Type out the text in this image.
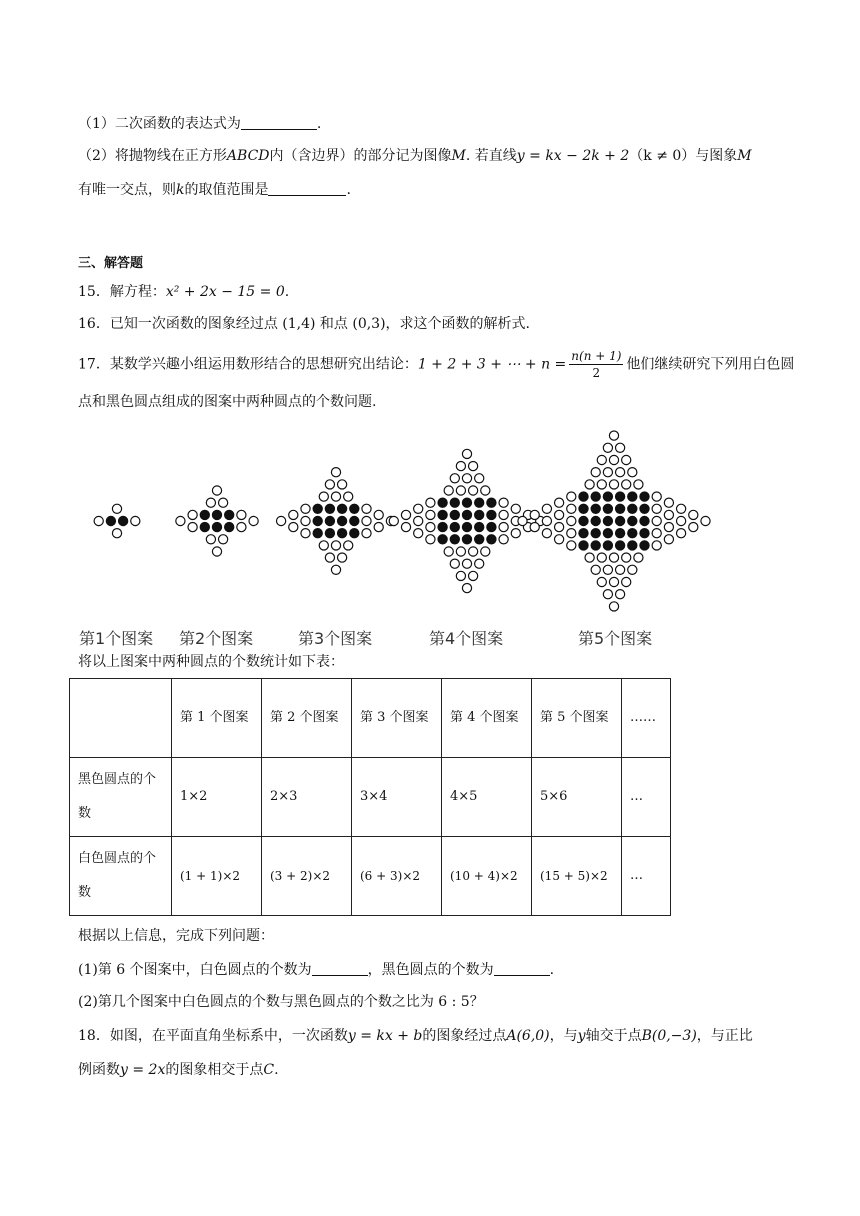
（1）二次函数的表达式为	.
（2）将抛物线在正方形ABCD内（含边界）的部分记为图像M. 若直线y = kx − 2k + 2（k ≠ 0）与图象M
有唯一交点，则k的取值范围是	.
三、解答题
15．解方程：x² + 2x − 15 = 0.
16．已知一次函数的图象经过点 (1,4) 和点 (0,3)，求这个函数的解析式.
17．某数学兴趣小组运用数形结合的思想研究出结论：1 + 2 + 3 + ⋯ + $n = \frac{n(n + 1)}{2}$ 他们继续研究下列用白色圆
点和黑色圆点组成的图案中两种圆点的个数问题.
第1个图案 第2个图案	第3个图案	第4个图案	第5个图案
将以上图案中两种圆点的个数统计如下表：
	第 1 个图案	第 2 个图案	第 3 个图案	第 4 个图案	第 5 个图案	……
黑色圆点的个数	1×2	2×3	3×4	4×5	5×6	…
白色圆点的个数	(1 + 1)×2	(3 + 2)×2	(6 + 3)×2	(10 + 4)×2	(15 + 5)×2	…
根据以上信息，完成下列问题：
(1)第 6 个图案中，白色圆点的个数为	，黑色圆点的个数为	.
(2)第几个图案中白色圆点的个数与黑色圆点的个数之比为 6 : 5？
18．如图，在平面直角坐标系中，一次函数y = kx + b的图象经过点A(6,0)，与y轴交于点B(0,−3)，与正比
例函数y = 2x的图象相交于点C.
